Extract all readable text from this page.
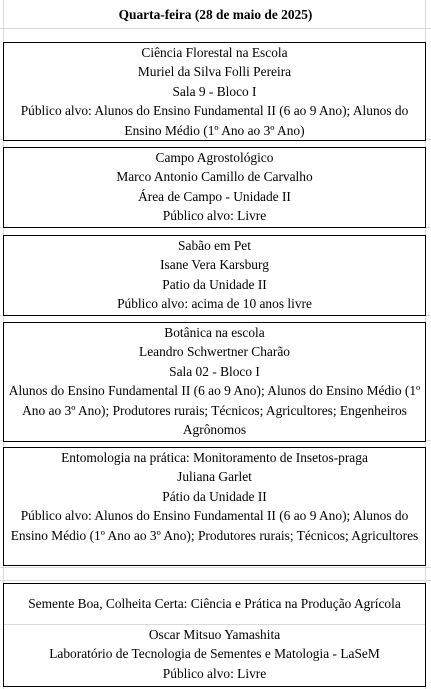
Quarta-feira (28 de maio de 2025)
Ciência Florestal na Escola
Muriel da Silva Folli Pereira
Sala 9 - Bloco I
Público alvo: Alunos do Ensino Fundamental II (6 ao 9 Ano); Alunos do Ensino Médio (1º Ano ao 3º Ano)
Campo Agrostológico
Marco Antonio Camillo de Carvalho
Área de Campo - Unidade II
Público alvo: Livre
Sabão em Pet
Isane Vera Karsburg
Patio da Unidade II
Público alvo: acima de 10 anos livre
Botânica na escola
Leandro Schwertner Charão
Sala 02 - Bloco I
Alunos do Ensino Fundamental II (6 ao 9 Ano); Alunos do Ensino Médio (1º Ano ao 3º Ano); Produtores rurais; Técnicos; Agricultores; Engenheiros Agrônomos
Entomologia na prática: Monitoramento de Insetos-praga
Juliana Garlet
Pátio da Unidade II
Público alvo: Alunos do Ensino Fundamental II (6 ao 9 Ano); Alunos do Ensino Médio (1º Ano ao 3º Ano); Produtores rurais; Técnicos; Agricultores
Semente Boa, Colheita Certa: Ciência e Prática na Produção Agrícola
Oscar Mitsuo Yamashita
Laboratório de Tecnologia de Sementes e Matologia - LaSeM
Público alvo: Livre
